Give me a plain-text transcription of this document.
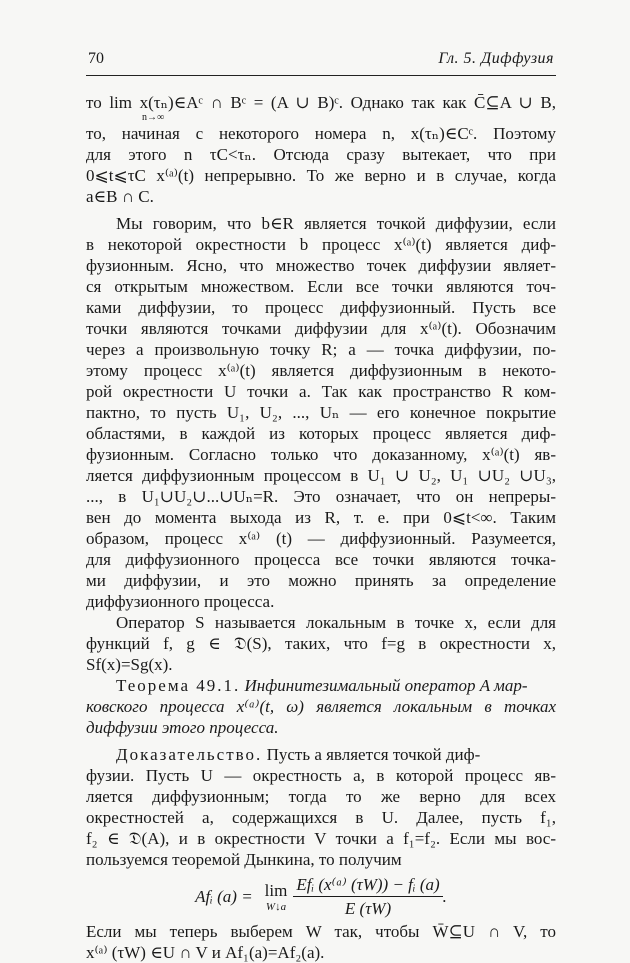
70	Гл. 5. Диффузия

то lim x(τₙ)∈Aᶜ ∩ Bᶜ = (A ∪ B)ᶜ. Однако так как C̄⊆A ∪ B,
n→∞
то, начиная с некоторого номера n, x(τₙ)∈Cᶜ. Поэтому
для этого n τC<τₙ. Отсюда сразу вытекает, что при
0⩽t⩽τC x⁽ᵃ⁾(t) непрерывно. То же верно и в случае, когда
a∈B ∩ C.

Мы говорим, что b∈R является точкой диффузии, если
в некоторой окрестности b процесс x⁽ᵃ⁾(t) является диф-
фузионным. Ясно, что множество точек диффузии являет-
ся открытым множеством. Если все точки являются точ-
ками диффузии, то процесс диффузионный. Пусть все
точки являются точками диффузии для x⁽ᵃ⁾(t). Обозначим
через a произвольную точку R; a — точка диффузии, по-
этому процесс x⁽ᵃ⁾(t) является диффузионным в некото-
рой окрестности U точки a. Так как пространство R ком-
пактно, то пусть U₁, U₂, ..., Uₙ — его конечное покрытие
областями, в каждой из которых процесс является диф-
фузионным. Согласно только что доказанному, x⁽ᵃ⁾(t) яв-
ляется диффузионным процессом в U₁ ∪ U₂, U₁ ∪U₂ ∪U₃,
..., в U₁∪U₂∪...∪Uₙ=R. Это означает, что он непреры-
вен до момента выхода из R, т. е. при 0⩽t<∞. Таким
образом, процесс x⁽ᵃ⁾ (t) — диффузионный. Разумеется,
для диффузионного процесса все точки являются точка-
ми диффузии, и это можно принять за определение
диффузионного процесса.

Оператор S называется локальным в точке x, если для
функций f, g ∈ 𝔇(S), таких, что f=g в окрестности x,
Sf(x)=Sg(x).

Теорема 49.1. Инфинитезимальный оператор A мар-
ковского процесса x⁽ᵃ⁾(t, ω) является локальным в точках
диффузии этого процесса.

Доказательство. Пусть a является точкой диф-
фузии. Пусть U — окрестность a, в которой процесс яв-
ляется диффузионным; тогда то же верно для всех
окрестностей a, содержащихся в U. Далее, пусть f₁,
f₂ ∈ 𝔇(A), и в окрестности V точки a f₁=f₂. Если мы вос-
пользуемся теоремой Дынкина, то получим

Afᵢ (a) = lim
W↓a $\frac{\text{Efᵢ (x⁽ᵃ⁾ (τW)) − fᵢ (a)}}{E (\tau W)}$ .

Если мы теперь выберем W так, чтобы W̄⊆U ∩ V, то
x⁽ᵃ⁾ (τW) ∈U ∩ V и Af₁(a)=Af₂(a).
